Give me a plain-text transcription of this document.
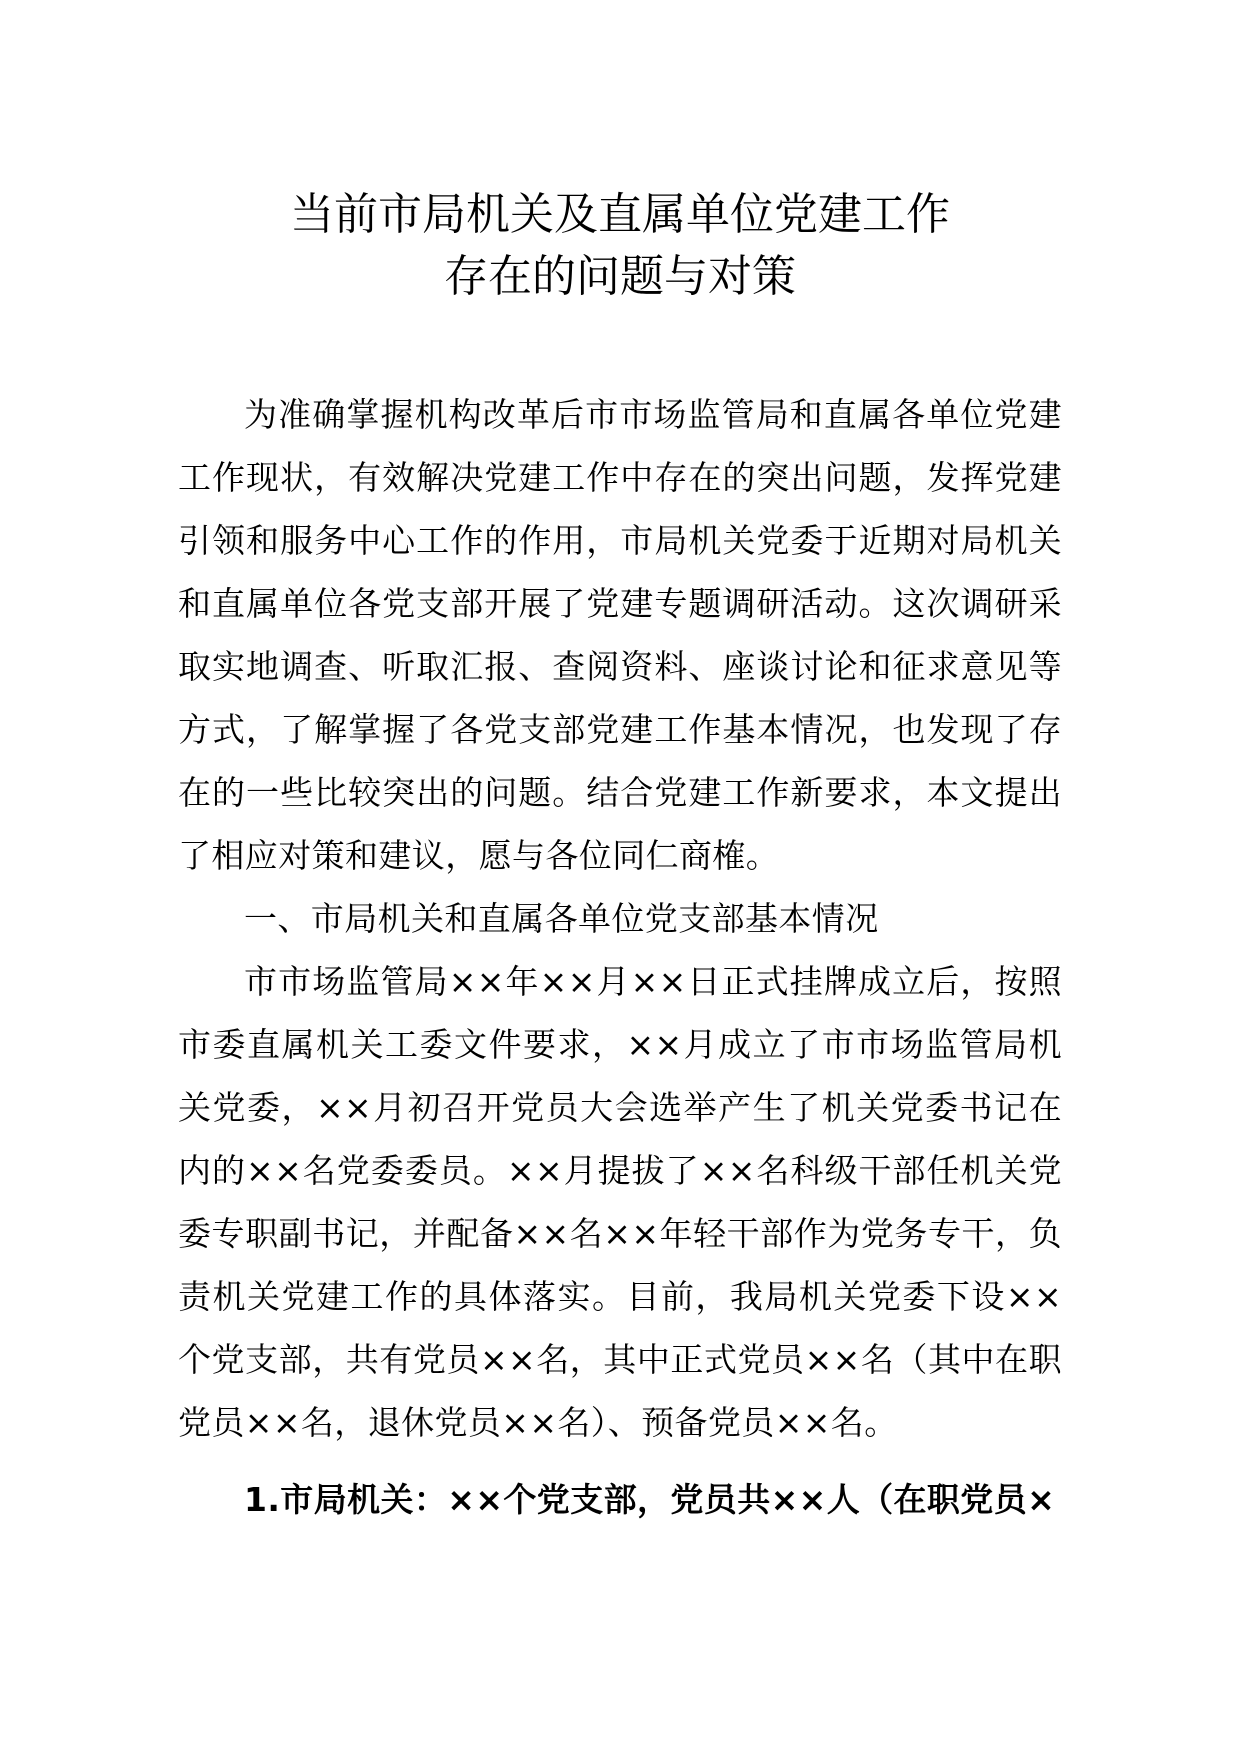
当前市局机关及直属单位党建工作
存在的问题与对策
为准确掌握机构改革后市市场监管局和直属各单位党建
工作现状，有效解决党建工作中存在的突出问题，发挥党建
引领和服务中心工作的作用，市局机关党委于近期对局机关
和直属单位各党支部开展了党建专题调研活动。这次调研采
取实地调查、听取汇报、查阅资料、座谈讨论和征求意见等
方式，了解掌握了各党支部党建工作基本情况，也发现了存
在的一些比较突出的问题。结合党建工作新要求，本文提出
了相应对策和建议，愿与各位同仁商榷。
一、市局机关和直属各单位党支部基本情况
市市场监管局××年××月××日正式挂牌成立后，按照
市委直属机关工委文件要求，××月成立了市市场监管局机
关党委，××月初召开党员大会选举产生了机关党委书记在
内的××名党委委员。××月提拔了××名科级干部任机关党
委专职副书记，并配备××名××年轻干部作为党务专干，负
责机关党建工作的具体落实。目前，我局机关党委下设××
个党支部，共有党员××名，其中正式党员××名（其中在职
党员××名，退休党员××名）、预备党员××名。
1.市局机关：××个党支部，党员共××人（在职党员×
